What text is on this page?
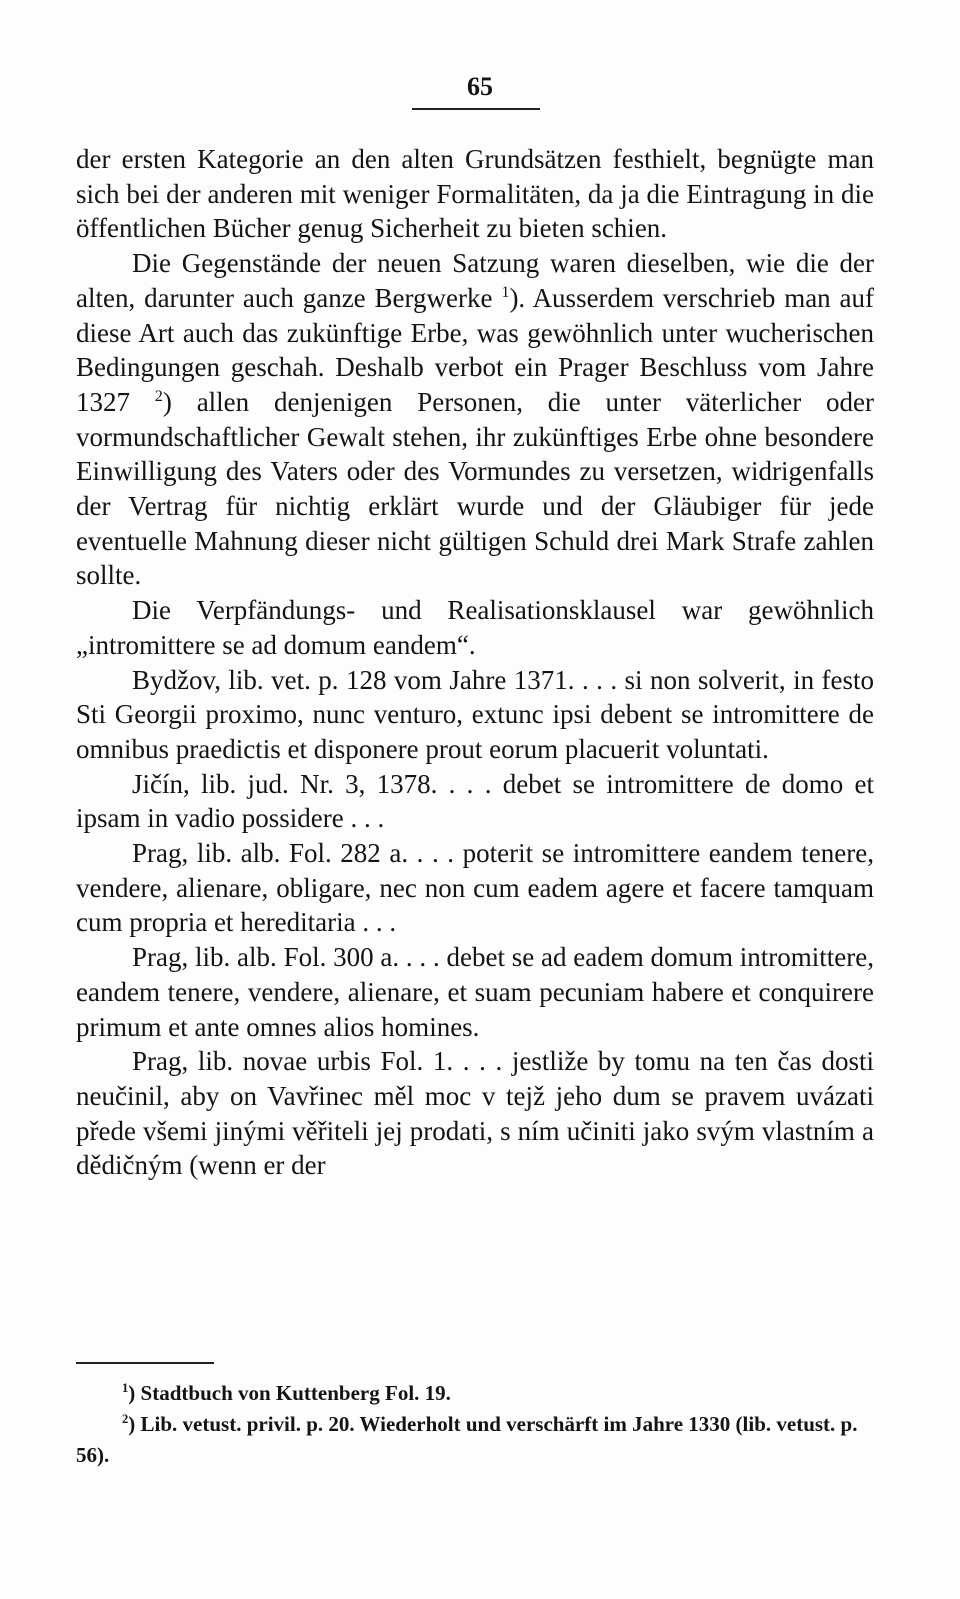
65

der ersten Kategorie an den alten Grundsätzen festhielt, begnügte man sich bei der anderen mit weniger Formalitäten, da ja die Eintragung in die öffentlichen Bücher genug Sicherheit zu bieten schien.

Die Gegenstände der neuen Satzung waren dieselben, wie die der alten, darunter auch ganze Bergwerke $^1$). Ausserdem verschrieb man auf diese Art auch das zukünftige Erbe, was gewöhnlich unter wucherischen Bedingungen geschah. Deshalb verbot ein Prager Beschluss vom Jahre 1327 $^2$) allen denjenigen Personen, die unter väterlicher oder vormundschaftlicher Gewalt stehen, ihr zukünftiges Erbe ohne besondere Einwilligung des Vaters oder des Vormundes zu versetzen, widrigenfalls der Vertrag für nichtig erklärt wurde und der Gläubiger für jede eventuelle Mahnung dieser nicht gültigen Schuld drei Mark Strafe zahlen sollte.

Die Verpfändungs- und Realisationsklausel war gewöhnlich „intromittere se ad domum eandem“.

Bydžov, lib. vet. p. 128 vom Jahre 1371. . . . si non solverit, in festo Sti Georgii proximo, nunc venturo, extunc ipsi debent se intromittere de omnibus praedictis et disponere prout eorum placuerit voluntati.

Jičín, lib. jud. Nr. 3, 1378. . . . debet se intromittere de domo et ipsam in vadio possidere . . .

Prag, lib. alb. Fol. 282 a. . . . poterit se intromittere eandem tenere, vendere, alienare, obligare, nec non cum eadem agere et facere tamquam cum propria et hereditaria . . .

Prag, lib. alb. Fol. 300 a. . . . debet se ad eadem domum intromittere, eandem tenere, vendere, alienare, et suam pecuniam habere et conquirere primum et ante omnes alios homines.

Prag, lib. novae urbis Fol. 1. . . . jestliže by tomu na ten čas dosti neučinil, aby on Vavřinec měl moc v tejž jeho dum se pravem uvázati přede všemi jinými věřiteli jej prodati, s ním učiniti jako svým vlastním a dědičným (wenn er der

$^1$) Stadtbuch von Kuttenberg Fol. 19.

$^2$) Lib. vetust. privil. p. 20. Wiederholt und verschärft im Jahre 1330 (lib. vetust. p. 56).
